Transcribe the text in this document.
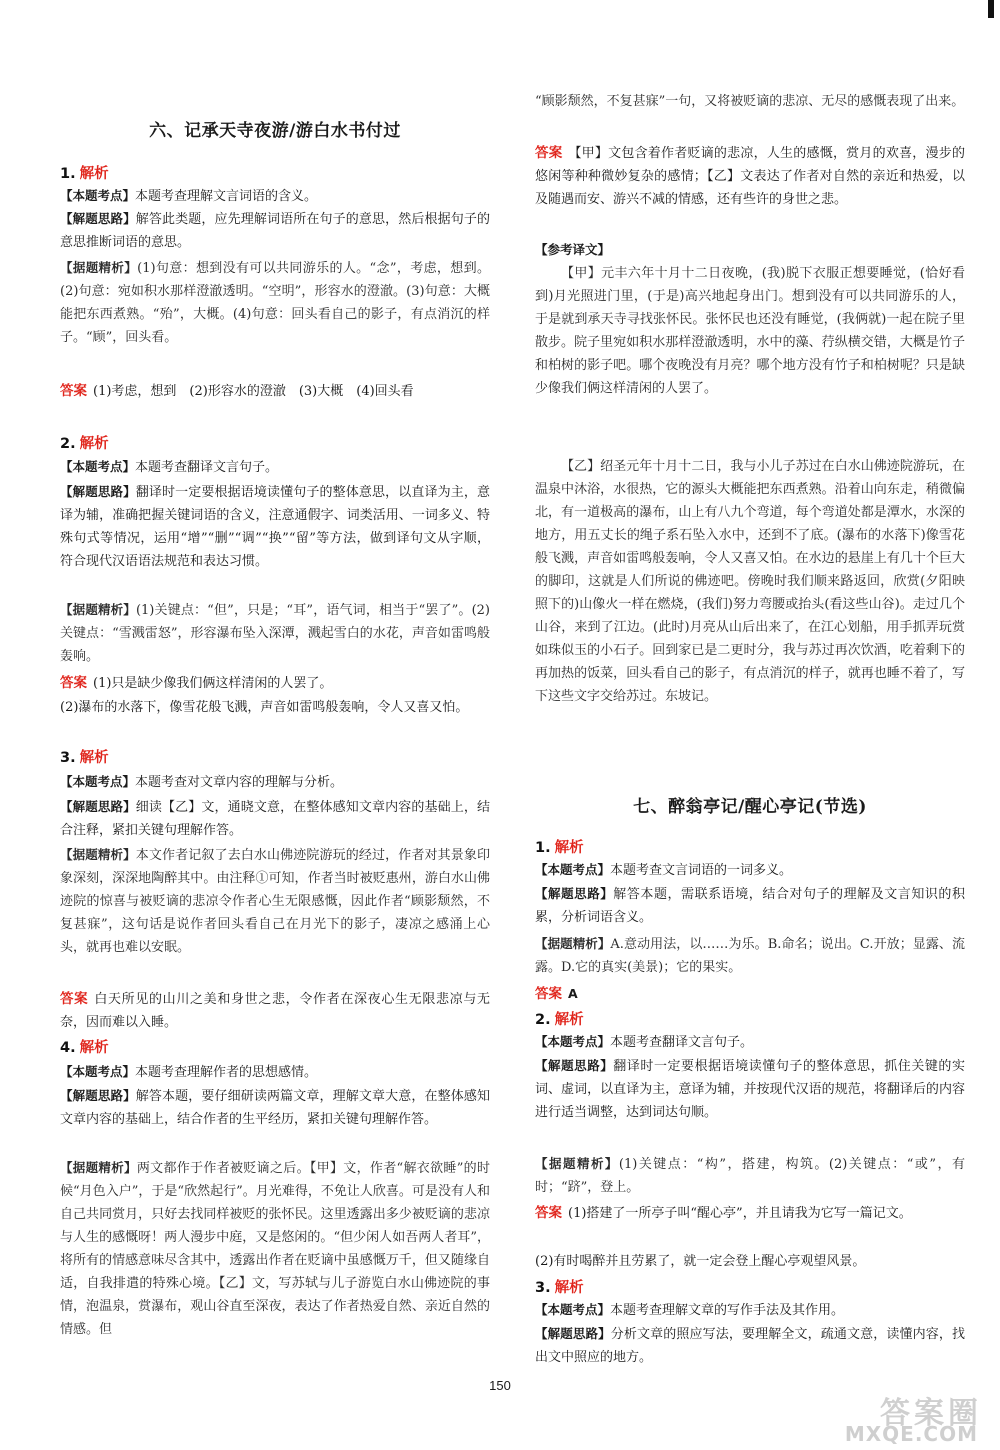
六、记承天寺夜游/游白水书付过
1. 解析
【本题考点】本题考查理解文言词语的含义。
【解题思路】解答此类题，应先理解词语所在句子的意思，然后根据句子的意思推断词语的意思。
【据题精析】(1)句意：想到没有可以共同游乐的人。“念”，考虑，想到。(2)句意：宛如积水那样澄澈透明。“空明”，形容水的澄澈。(3)句意：大概能把东西煮熟。“殆”，大概。(4)句意：回头看自己的影子，有点消沉的样子。“顾”，回头看。
答案 (1)考虑，想到　(2)形容水的澄澈　(3)大概　(4)回头看
2. 解析
【本题考点】本题考查翻译文言句子。
【解题思路】翻译时一定要根据语境读懂句子的整体意思，以直译为主，意译为辅，准确把握关键词语的含义，注意通假字、词类活用、一词多义、特殊句式等情况，运用“增”“删”“调”“换”“留”等方法，做到译句文从字顺，符合现代汉语语法规范和表达习惯。
【据题精析】(1)关键点：“但”，只是；“耳”，语气词，相当于“罢了”。(2)关键点：“雪溅雷怒”，形容瀑布坠入深潭，溅起雪白的水花，声音如雷鸣般轰响。
答案 (1)只是缺少像我们俩这样清闲的人罢了。
(2)瀑布的水落下，像雪花般飞溅，声音如雷鸣般轰响，令人又喜又怕。
3. 解析
【本题考点】本题考查对文章内容的理解与分析。
【解题思路】细读【乙】文，通晓文意，在整体感知文章内容的基础上，结合注释，紧扣关键句理解作答。
【据题精析】本文作者记叙了去白水山佛迹院游玩的经过，作者对其景象印象深刻，深深地陶醉其中。由注释①可知，作者当时被贬惠州，游白水山佛迹院的惊喜与被贬谪的悲凉令作者心生无限感慨，因此作者“顾影颓然，不复甚寐”，这句话是说作者回头看自己在月光下的影子，凄凉之感涌上心头，就再也难以安眠。
答案 白天所见的山川之美和身世之悲，令作者在深夜心生无限悲凉与无奈，因而难以入睡。
4. 解析
【本题考点】本题考查理解作者的思想感情。
【解题思路】解答本题，要仔细研读两篇文章，理解文章大意，在整体感知文章内容的基础上，结合作者的生平经历，紧扣关键句理解作答。
【据题精析】两文都作于作者被贬谪之后。【甲】文，作者“解衣欲睡”的时候“月色入户”，于是“欣然起行”。月光难得，不免让人欣喜。可是没有人和自己共同赏月，只好去找同样被贬的张怀民。这里透露出多少被贬谪的悲凉与人生的感慨呀！两人漫步中庭，又是悠闲的。“但少闲人如吾两人者耳”，将所有的情感意味尽含其中，透露出作者在贬谪中虽感慨万千，但又随缘自适，自我排遣的特殊心境。【乙】文，写苏轼与儿子游览白水山佛迹院的事情，泡温泉，赏瀑布，观山谷直至深夜，表达了作者热爱自然、亲近自然的情感。但
“顾影颓然，不复甚寐”一句，又将被贬谪的悲凉、无尽的感慨表现了出来。
答案 【甲】文包含着作者贬谪的悲凉，人生的感慨，赏月的欢喜，漫步的悠闲等种种微妙复杂的感情；【乙】文表达了作者对自然的亲近和热爱，以及随遇而安、游兴不减的情感，还有些许的身世之悲。
【参考译文】
【甲】元丰六年十月十二日夜晚，(我)脱下衣服正想要睡觉，(恰好看到)月光照进门里，(于是)高兴地起身出门。想到没有可以共同游乐的人，于是就到承天寺寻找张怀民。张怀民也还没有睡觉，(我俩就)一起在院子里散步。院子里宛如积水那样澄澈透明，水中的藻、荇纵横交错，大概是竹子和柏树的影子吧。哪个夜晚没有月亮？哪个地方没有竹子和柏树呢？只是缺少像我们俩这样清闲的人罢了。
【乙】绍圣元年十月十二日，我与小儿子苏过在白水山佛迹院游玩，在温泉中沐浴，水很热，它的源头大概能把东西煮熟。沿着山向东走，稍微偏北，有一道极高的瀑布，山上有八九个弯道，每个弯道处都是潭水，水深的地方，用五丈长的绳子系石坠入水中，还到不了底。(瀑布的水落下)像雪花般飞溅，声音如雷鸣般轰响，令人又喜又怕。在水边的悬崖上有几十个巨大的脚印，这就是人们所说的佛迹吧。傍晚时我们顺来路返回，欣赏(夕阳映照下的)山像火一样在燃烧，(我们)努力弯腰或抬头(看这些山谷)。走过几个山谷，来到了江边。(此时)月亮从山后出来了，在江心划船，用手抓弄玩赏如珠似玉的小石子。回到家已是二更时分，我与苏过再次饮酒，吃着剩下的再加热的饭菜，回头看自己的影子，有点消沉的样子，就再也睡不着了，写下这些文字交给苏过。东坡记。
七、醉翁亭记/醒心亭记(节选)
1. 解析
【本题考点】本题考查文言词语的一词多义。
【解题思路】解答本题，需联系语境，结合对句子的理解及文言知识的积累，分析词语含义。
【据题精析】A.意动用法，以……为乐。B.命名；说出。C.开放；显露、流露。D.它的真实(美景)；它的果实。
答案 A
2. 解析
【本题考点】本题考查翻译文言句子。
【解题思路】翻译时一定要根据语境读懂句子的整体意思，抓住关键的实词、虚词，以直译为主，意译为辅，并按现代汉语的规范，将翻译后的内容进行适当调整，达到词达句顺。
【据题精析】(1)关键点：“构”，搭建，构筑。(2)关键点：“或”，有时；“跻”，登上。
答案 (1)搭建了一所亭子叫“醒心亭”，并且请我为它写一篇记文。
(2)有时喝醉并且劳累了，就一定会登上醒心亭观望风景。
3. 解析
【本题考点】本题考查理解文章的写作手法及其作用。
【解题思路】分析文章的照应写法，要理解全文，疏通文意，读懂内容，找出文中照应的地方。
150
答案圈
MXQE.COM
